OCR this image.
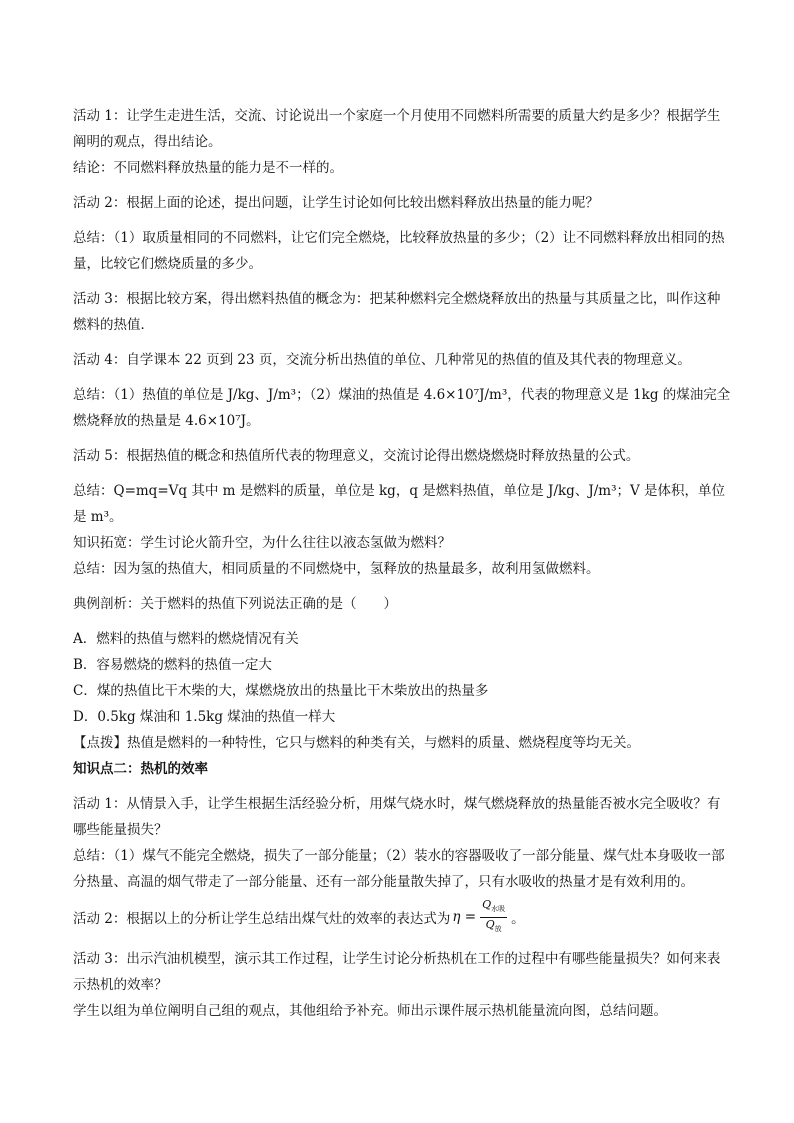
活动 1：让学生走进生活，交流、讨论说出一个家庭一个月使用不同燃料所需要的质量大约是多少？根据学生阐明的观点，得出结论。

结论：不同燃料释放热量的能力是不一样的。

活动 2：根据上面的论述，提出问题，让学生讨论如何比较出燃料释放出热量的能力呢？

总结：（1）取质量相同的不同燃料，让它们完全燃烧，比较释放热量的多少；（2）让不同燃料释放出相同的热量，比较它们燃烧质量的多少。

活动 3：根据比较方案，得出燃料热值的概念为：把某种燃料完全燃烧释放出的热量与其质量之比，叫作这种燃料的热值．

活动 4：自学课本 22 页到 23 页，交流分析出热值的单位、几种常见的热值的值及其代表的物理意义。

总结：（1）热值的单位是 J/kg、J/m³；（2）煤油的热值是 4.6×10⁷J/m³，代表的物理意义是 1kg 的煤油完全燃烧释放的热量是 4.6×10⁷J。

活动 5：根据热值的概念和热值所代表的物理意义，交流讨论得出燃烧燃烧时释放热量的公式。

总结：Q=mq=Vq 其中 m 是燃料的质量，单位是 kg，q 是燃料热值，单位是 J/kg、J/m³；V 是体积，单位是 m³。

知识拓宽：学生讨论火箭升空，为什么往往以液态氢做为燃料？

总结：因为氢的热值大，相同质量的不同燃烧中，氢释放的热量最多，故利用氢做燃料。

典例剖析：关于燃料的热值下列说法正确的是（　　）

A．燃料的热值与燃料的燃烧情况有关

B．容易燃烧的燃料的热值一定大

C．煤的热值比干木柴的大，煤燃烧放出的热量比干木柴放出的热量多

D．0.5kg 煤油和 1.5kg 煤油的热值一样大

【点拨】热值是燃料的一种特性，它只与燃料的种类有关，与燃料的质量、燃烧程度等均无关。

知识点二：热机的效率

活动 1：从情景入手，让学生根据生活经验分析，用煤气烧水时，煤气燃烧释放的热量能否被水完全吸收？有哪些能量损失？

总结：（1）煤气不能完全燃烧，损失了一部分能量；（2）装水的容器吸收了一部分能量、煤气灶本身吸收一部分热量、高温的烟气带走了一部分能量、还有一部分能量散失掉了，只有水吸收的热量才是有效利用的。

活动 2：根据以上的分析让学生总结出煤气灶的效率的表达式为 $\eta = \frac{Q_{水吸}}{Q_放}$ 。

活动 3：出示汽油机模型，演示其工作过程，让学生讨论分析热机在工作的过程中有哪些能量损失？如何来表示热机的效率？

学生以组为单位阐明自己组的观点，其他组给予补充。师出示课件展示热机能量流向图，总结问题。
